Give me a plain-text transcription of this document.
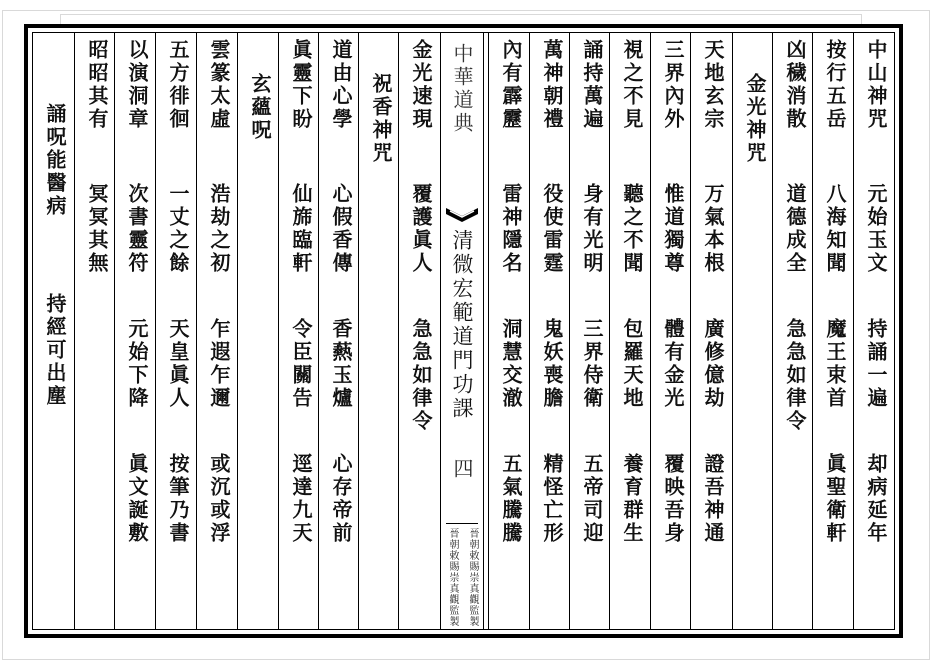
中山神咒
元始玉文
持誦一遍
却病延年
按行五岳
八海知聞
魔王束首
眞聖衛軒
凶穢消散
道德成全
急急如律令
金光神咒
天地玄宗
万氣本根
廣修億劫
證吾神通
三界內外
惟道獨尊
體有金光
覆映吾身
視之不見
聽之不聞
包羅天地
養育群生
誦持萬遍
身有光明
三界侍衛
五帝司迎
萬神朝禮
役使雷霆
鬼妖喪膽
精怪亡形
內有霹靂
雷神隱名
洞慧交澈
五氣騰騰
中華道典
清微宏範道門功課
四
晉朝敕賜崇真觀監製
晉朝敕賜崇真觀監製
金光速現
覆護眞人
急急如律令
祝香神咒
道由心學
心假香傳
香爇玉爐
心存帝前
眞靈下盼
仙旆臨軒
令臣關告
逕達九天
玄蘊呪
雲篆太虛
浩劫之初
乍遐乍邇
或沉或浮
五方徘徊
一丈之餘
天皇眞人
按筆乃書
以演洞章
次書靈符
元始下降
眞文誕敷
昭昭其有
冥冥其無
誦呪能醫病
持經可出塵
